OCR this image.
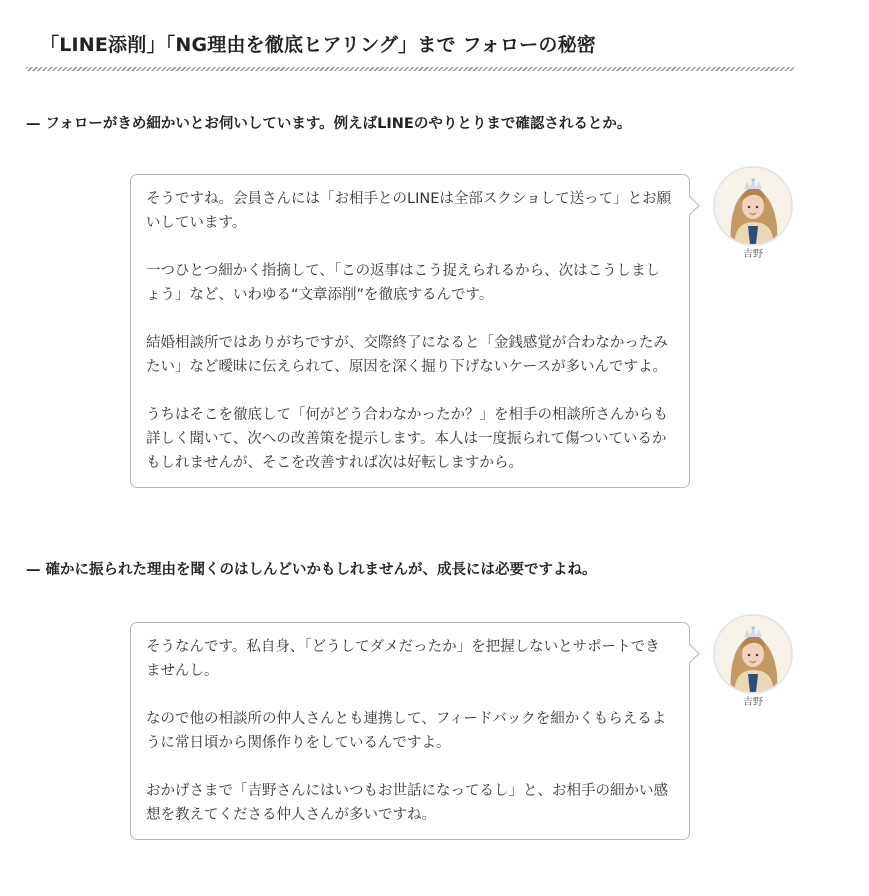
「LINE添削」「NG理由を徹底ヒアリング」まで フォローの秘密
— フォローがきめ細かいとお伺いしています。例えばLINEのやりとりまで確認されるとか。

そうですね。会員さんには「お相手とのLINEは全部スクショして送って」とお願いしています。

一つひとつ細かく指摘して、「この返事はこう捉えられるから、次はこうしましょう」など、いわゆる“文章添削”を徹底するんです。

結婚相談所ではありがちですが、交際終了になると「金銭感覚が合わなかったみたい」など曖昧に伝えられて、原因を深く掘り下げないケースが多いんですよ。

うちはそこを徹底して「何がどう合わなかったか？」を相手の相談所さんからも詳しく聞いて、次への改善策を提示します。本人は一度振られて傷ついているかもしれませんが、そこを改善すれば次は好転しますから。

吉野
— 確かに振られた理由を聞くのはしんどいかもしれませんが、成長には必要ですよね。

そうなんです。私自身、「どうしてダメだったか」を把握しないとサポートできませんし。

なので他の相談所の仲人さんとも連携して、フィードバックを細かくもらえるように常日頃から関係作りをしているんですよ。

おかげさまで「吉野さんにはいつもお世話になってるし」と、お相手の細かい感想を教えてくださる仲人さんが多いですね。

吉野
